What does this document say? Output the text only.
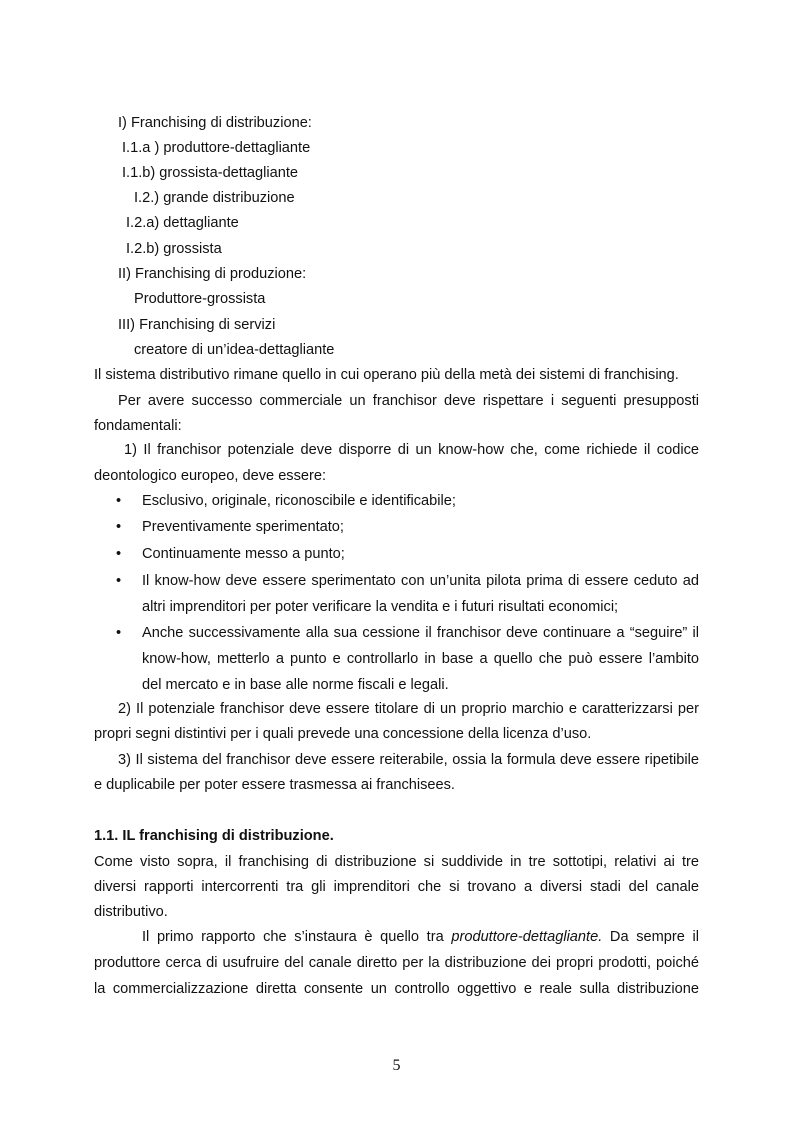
I) Franchising di distribuzione:
I.1.a ) produttore-dettagliante
I.1.b) grossista-dettagliante
I.2.) grande distribuzione
I.2.a) dettagliante
I.2.b) grossista
II) Franchising di produzione:
Produttore-grossista
III) Franchising di servizi
creatore di un’idea-dettagliante
Il sistema distributivo rimane quello in cui operano più della metà dei sistemi di franchising.
Per avere successo commerciale un franchisor deve rispettare i seguenti presupposti
fondamentali:
1) Il franchisor potenziale deve disporre di un know-how che, come richiede il codice
deontologico europeo, deve essere:
• Esclusivo, originale, riconoscibile e identificabile;
• Preventivamente sperimentato;
• Continuamente messo a punto;
• Il know-how deve essere sperimentato con un’unita pilota prima di essere ceduto ad
altri imprenditori per poter verificare la vendita e i futuri risultati economici;
• Anche successivamente alla sua cessione il franchisor deve continuare a “seguire” il
know-how, metterlo a punto e controllarlo in base a quello che può essere l’ambito
del mercato e in base alle norme fiscali e legali.
2) Il potenziale franchisor deve essere titolare di un proprio marchio e caratterizzarsi per
propri segni distintivi per i quali prevede una concessione della licenza d’uso.
3) Il sistema del franchisor deve essere reiterabile, ossia la formula deve essere ripetibile
e duplicabile per poter essere trasmessa ai franchisees.
1.1. IL franchising di distribuzione.
Come visto sopra, il franchising di distribuzione si suddivide in tre sottotipi, relativi ai tre
diversi rapporti intercorrenti tra gli imprenditori che si trovano a diversi stadi del canale
distributivo.
Il primo rapporto che s’instaura è quello tra produttore-dettagliante. Da sempre il
produttore cerca di usufruire del canale diretto per la distribuzione dei propri prodotti, poiché
la commercializzazione diretta consente un controllo oggettivo e reale sulla distribuzione
5
